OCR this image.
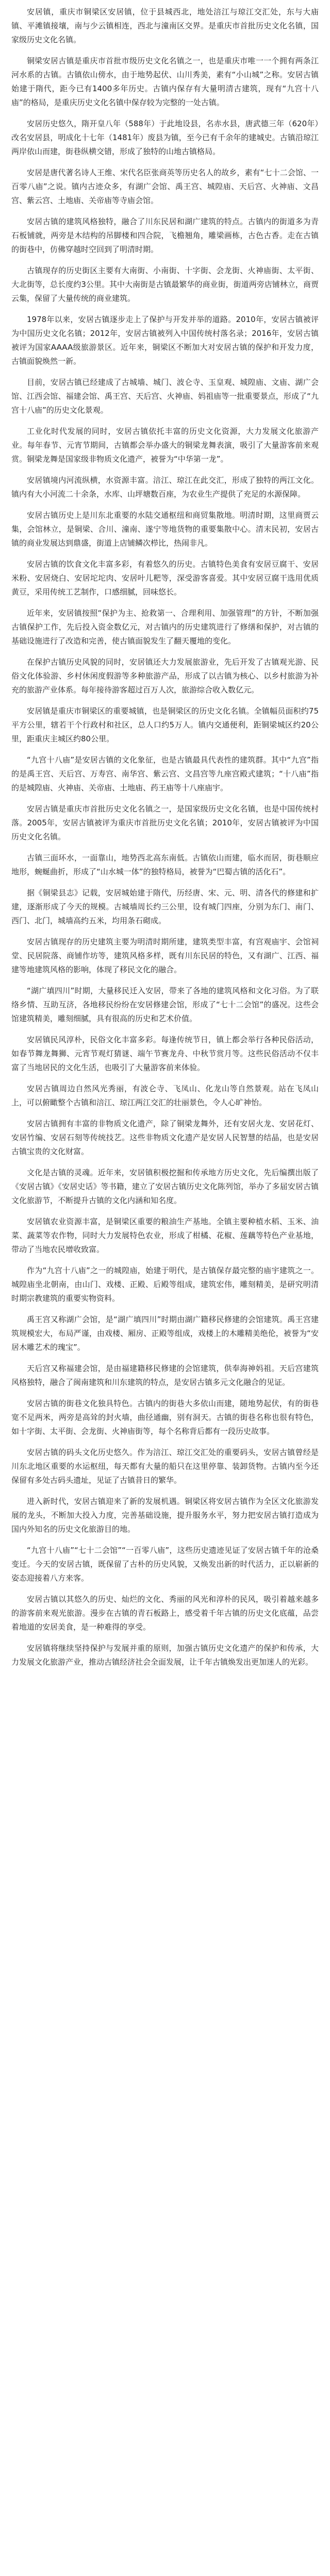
安居镇，重庆市铜梁区安居镇，位于县城西北，地处涪江与琼江交汇处，东与大庙镇、平滩镇接壤，南与少云镇相连，西北与潼南区交界。是重庆市首批历史文化名镇，国家级历史文化名镇。

铜梁安居古镇是重庆市首批市级历史文化名镇之一，也是重庆市唯一一个拥有两条江河水系的古镇。古镇依山傍水，由于地势起伏、山川秀美，素有“小山城”之称。安居古镇始建于隋代，距今已有1400多年历史。古镇内保存有大量明清古建筑，现有“九宫十八庙”的格局，是重庆历史文化名镇中保存较为完整的一处古镇。

安居历史悠久，隋开皇八年（588年）于此地设县，名赤水县，唐武德三年（620年）改名安居县，明成化十七年（1481年）废县为镇，至今已有千余年的建城史。古镇沿琼江两岸依山而建，街巷纵横交错，形成了独特的山地古镇格局。

安居是唐代著名诗人王维、宋代名臣张商英等历史名人的故乡，素有“七十二会馆、一百零八庙”之说。镇内古迹众多，有湖广会馆、禹王宫、城隍庙、天后宫、火神庙、文昌宫、紫云宫、土地庙、关帝庙等寺庙会馆。

安居古镇的建筑风格独特，融合了川东民居和湖广建筑的特点。古镇内的街道多为青石板铺就，两旁是木结构的吊脚楼和四合院，飞檐翘角，雕梁画栋，古色古香。走在古镇的街巷中，仿佛穿越时空回到了明清时期。

古镇现存的历史街区主要有大南街、小南街、十字街、会龙街、火神庙街、太平街、大北街等，总长度约3公里。其中大南街是古镇最繁华的商业街，街道两旁店铺林立，商贾云集，保留了大量传统的商业建筑。

1978年以来，安居古镇逐步走上了保护与开发并举的道路。2010年，安居古镇被评为中国历史文化名镇；2012年，安居古镇被列入中国传统村落名录；2016年，安居古镇被评为国家AAAA级旅游景区。近年来，铜梁区不断加大对安居古镇的保护和开发力度，古镇面貌焕然一新。

目前，安居古镇已经建成了古城墙、城门、波仑寺、玉皇观、城隍庙、文庙、湖广会馆、江西会馆、福建会馆、禹王宫、天后宫、火神庙、妈祖庙等一批重要景点，形成了“九宫十八庙”的历史文化景观。

工业化时代发展的同时，安居古镇依托丰富的历史文化资源，大力发展文化旅游产业。每年春节、元宵节期间，古镇都会举办盛大的铜梁龙舞表演，吸引了大量游客前来观赏。铜梁龙舞是国家级非物质文化遗产，被誉为“中华第一龙”。

安居镇境内河流纵横，水资源丰富。涪江、琼江在此交汇，形成了独特的两江文化。镇内有大小河流二十余条，水库、山坪塘数百座，为农业生产提供了充足的水源保障。

安居古镇历史上是川东北重要的水陆交通枢纽和商贸集散地。明清时期，这里商贾云集，会馆林立，是铜梁、合川、潼南、遂宁等地货物的重要集散中心。清末民初，安居古镇的商业发展达到鼎盛，街道上店铺鳞次栉比，热闹非凡。

安居古镇的饮食文化丰富多彩，有着悠久的历史。古镇特色美食有安居豆腐干、安居米粉、安居烧白、安居坨坨肉、安居叶儿粑等，深受游客喜爱。其中安居豆腐干选用优质黄豆，采用传统工艺制作，口感细腻，回味悠长。

近年来，安居镇按照“保护为主、抢救第一、合理利用、加强管理”的方针，不断加强古镇保护工作，先后投入资金数亿元，对古镇内的历史建筑进行了修缮和保护，对古镇的基础设施进行了改造和完善，使古镇面貌发生了翻天覆地的变化。

在保护古镇历史风貌的同时，安居镇还大力发展旅游业，先后开发了古镇观光游、民俗文化体验游、乡村休闲度假游等多种旅游产品，形成了以古镇为核心、以乡村旅游为补充的旅游产业体系。每年接待游客超过百万人次，旅游综合收入数亿元。

安居镇是重庆市铜梁区的重要城镇，也是铜梁区的历史文化名镇。全镇幅员面积约75平方公里，辖若干个行政村和社区，总人口约5万人。镇内交通便利，距铜梁城区约20公里，距重庆主城区约80公里。

“九宫十八庙”是安居古镇的文化象征，也是古镇最具代表性的建筑群。其中“九宫”指的是禹王宫、天后宫、万寿宫、南华宫、紫云宫、文昌宫等九座宫殿式建筑；“十八庙”指的是城隍庙、火神庙、关帝庙、土地庙、药王庙等十八座庙宇。

安居古镇是重庆市首批历史文化名镇之一，是国家级历史文化名镇，也是中国传统村落。2005年，安居古镇被评为重庆市首批历史文化名镇；2010年，安居古镇被评为中国历史文化名镇。

古镇三面环水，一面靠山，地势西北高东南低。古镇依山而建，临水而居，街巷顺应地形，蜿蜒曲折，形成了“山水城一体”的独特格局，被誉为“巴蜀古镇的活化石”。

据《铜梁县志》记载，安居城始建于隋代，历经唐、宋、元、明、清各代的修建和扩建，逐渐形成了今天的规模。古城墙周长约三公里，设有城门四座，分别为东门、南门、西门、北门，城墙高约五米，均用条石砌成。

安居古镇现存的历史建筑主要为明清时期所建，建筑类型丰富，有宫观庙宇、会馆祠堂、民居院落、商铺作坊等，建筑风格多样，既有川东民居的特色，又有湖广、江西、福建等地建筑风格的影响，体现了移民文化的融合。

“湖广填四川”时期，大量移民迁入安居，带来了各地的建筑风格和文化习俗。为了联络乡情、互助互济，各地移民纷纷在安居修建会馆，形成了“七十二会馆”的盛况。这些会馆建筑精美，雕刻细腻，具有很高的历史和艺术价值。

安居镇民风淳朴，民俗文化丰富多彩。每逢传统节日，镇上都会举行各种民俗活动，如春节舞龙舞狮、元宵节观灯猜谜、端午节赛龙舟、中秋节赏月等。这些民俗活动不仅丰富了当地居民的文化生活，也吸引了大量游客前来体验。

安居古镇周边自然风光秀丽，有波仑寺、飞凤山、化龙山等自然景观。站在飞凤山上，可以俯瞰整个古镇和涪江、琼江两江交汇的壮丽景色，令人心旷神怡。

安居古镇拥有丰富的非物质文化遗产，除了铜梁龙舞外，还有安居火龙、安居花灯、安居竹编、安居石刻等传统技艺。这些非物质文化遗产是安居人民智慧的结晶，也是安居古镇宝贵的文化财富。

文化是古镇的灵魂。近年来，安居镇积极挖掘和传承地方历史文化，先后编撰出版了《安居古镇》《安居史话》等书籍，建立了安居古镇历史文化陈列馆，举办了多届安居古镇文化旅游节，不断提升古镇的文化内涵和知名度。

安居镇农业资源丰富，是铜梁区重要的粮油生产基地。全镇主要种植水稻、玉米、油菜、蔬菜等农作物，同时大力发展特色农业，形成了柑橘、花椒、莲藕等特色产业基地，带动了当地农民增收致富。

作为“九宫十八庙”之一的城隍庙，始建于明代，是古镇保存最完整的庙宇建筑之一。城隍庙坐北朝南，由山门、戏楼、正殿、后殿等组成，建筑宏伟，雕刻精美，是研究明清时期宗教建筑的重要实物资料。

禹王宫又称湖广会馆，是“湖广填四川”时期由湖广籍移民修建的会馆建筑。禹王宫建筑规模宏大，布局严谨，由戏楼、厢房、正殿等组成，戏楼上的木雕精美绝伦，被誉为“安居木雕艺术的瑰宝”。

天后宫又称福建会馆，是由福建籍移民修建的会馆建筑，供奉海神妈祖。天后宫建筑风格独特，融合了闽南建筑和川东建筑的特点，是安居古镇多元文化融合的见证。

安居古镇的街巷文化独具特色。古镇内的街巷大多依山而建，随地势起伏，有的街巷宽不足两米，两旁是高耸的封火墙，曲径通幽，别有洞天。古镇的街巷名称也很有特色，如十字街、太平街、会龙街、火神庙街等，每个名称背后都有一段历史故事。

安居古镇的码头文化历史悠久。作为涪江、琼江交汇处的重要码头，安居古镇曾经是川东北地区重要的水运枢纽，每天都有大量的船只在这里停靠、装卸货物。古镇内至今还保留有多处古码头遗址，见证了古镇昔日的繁华。

进入新时代，安居古镇迎来了新的发展机遇。铜梁区将安居古镇作为全区文化旅游发展的龙头，不断加大投入力度，完善基础设施，提升服务水平，努力把安居古镇打造成为国内外知名的历史文化旅游目的地。

“九宫十八庙”“七十二会馆”“一百零八庙”，这些历史遗迹见证了安居古镇千年的沧桑变迁。今天的安居古镇，既保留了古朴的历史风貌，又焕发出新的时代活力，正以崭新的姿态迎接着八方来客。

安居古镇以其悠久的历史、灿烂的文化、秀丽的风光和淳朴的民风，吸引着越来越多的游客前来观光旅游。漫步在古镇的青石板路上，感受着千年古镇的历史文化底蕴，品尝着地道的安居美食，是一种难得的享受。

安居镇将继续坚持保护与发展并重的原则，加强古镇历史文化遗产的保护和传承，大力发展文化旅游产业，推动古镇经济社会全面发展，让千年古镇焕发出更加迷人的光彩。
